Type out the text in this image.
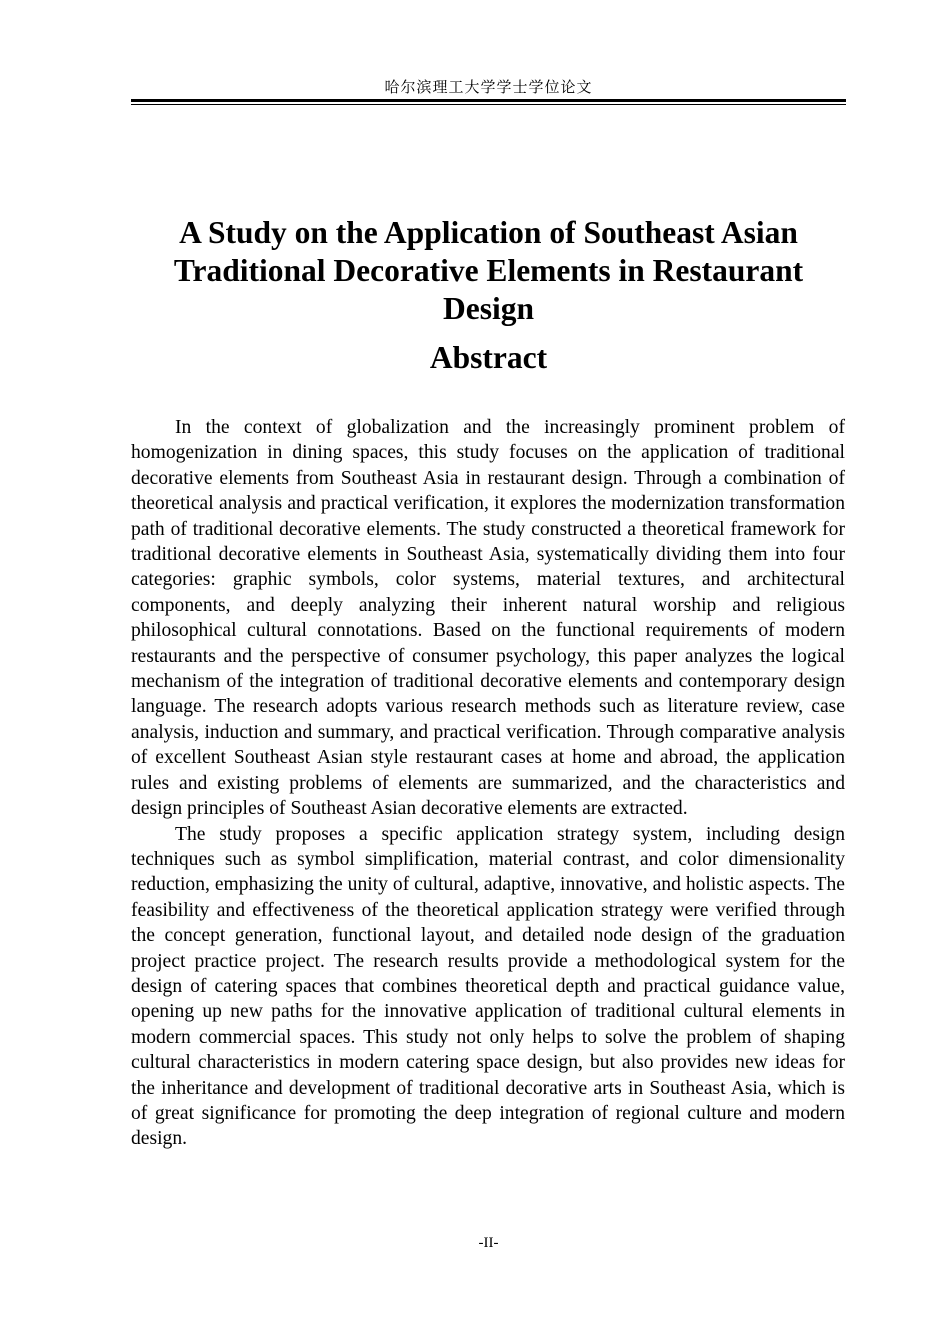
哈尔滨理工大学学士学位论文
A Study on the Application of Southeast Asian Traditional Decorative Elements in Restaurant Design
Abstract

In the context of globalization and the increasingly prominent problem of homogenization in dining spaces, this study focuses on the application of traditional decorative elements from Southeast Asia in restaurant design. Through a combination of theoretical analysis and practical verification, it explores the modernization transformation path of traditional decorative elements. The study constructed a theoretical framework for traditional decorative elements in Southeast Asia, systematically dividing them into four categories: graphic symbols, color systems, material textures, and architectural components, and deeply analyzing their inherent natural worship and religious philosophical cultural connotations. Based on the functional requirements of modern restaurants and the perspective of consumer psychology, this paper analyzes the logical mechanism of the integration of traditional decorative elements and contemporary design language. The research adopts various research methods such as literature review, case analysis, induction and summary, and practical verification. Through comparative analysis of excellent Southeast Asian style restaurant cases at home and abroad, the application rules and existing problems of elements are summarized, and the characteristics and design principles of Southeast Asian decorative elements are extracted.

The study proposes a specific application strategy system, including design techniques such as symbol simplification, material contrast, and color dimensionality reduction, emphasizing the unity of cultural, adaptive, innovative, and holistic aspects. The feasibility and effectiveness of the theoretical application strategy were verified through the concept generation, functional layout, and detailed node design of the graduation project practice project. The research results provide a methodological system for the design of catering spaces that combines theoretical depth and practical guidance value, opening up new paths for the innovative application of traditional cultural elements in modern commercial spaces. This study not only helps to solve the problem of shaping cultural characteristics in modern catering space design, but also provides new ideas for the inheritance and development of traditional decorative arts in Southeast Asia, which is of great significance for promoting the deep integration of regional culture and modern design.

-II-
